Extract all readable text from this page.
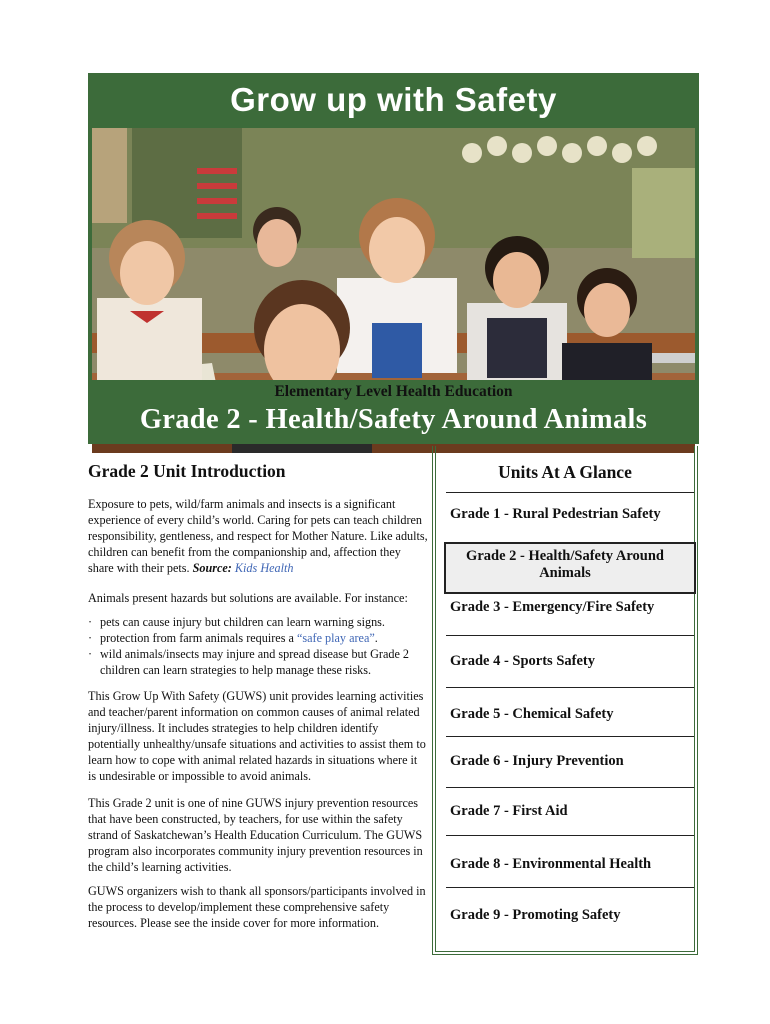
Grow up with Safety
Elementary Level Health Education
Grade 2 - Health/Safety Around Animals
Grade 2 Unit Introduction
Exposure to pets, wild/farm animals and insects is a significant experience of every child’s world. Caring for pets can teach children responsibility, gentleness, and respect for Mother Nature. Like adults, children can benefit from the companionship and, affection they share with their pets. Source: Kids Health
Animals present hazards but solutions are available. For instance:
· pets can cause injury but children can learn warning signs.
· protection from farm animals requires a “safe play area”.
· wild animals/insects may injure and spread disease but Grade 2 children can learn strategies to help manage these risks.
This Grow Up With Safety (GUWS) unit provides learning activities and teacher/parent information on common causes of animal related injury/illness. It includes strategies to help children identify potentially unhealthy/unsafe situations and activities to assist them to learn how to cope with animal related hazards in situations where it is undesirable or impossible to avoid animals.
This Grade 2 unit is one of nine GUWS injury prevention resources that have been constructed, by teachers, for use within the safety strand of Saskatchewan’s Health Education Curriculum. The GUWS program also incorporates community injury prevention resources in the child’s learning activities.
GUWS organizers wish to thank all sponsors/participants involved in the process to develop/implement these comprehensive safety resources. Please see the inside cover for more information.
Units At A Glance
Grade 1 - Rural Pedestrian Safety
Grade 2 - Health/Safety Around Animals
Grade 3 - Emergency/Fire Safety
Grade 4 - Sports Safety
Grade 5 - Chemical Safety
Grade 6 - Injury Prevention
Grade 7 - First Aid
Grade 8 - Environmental Health
Grade 9 - Promoting Safety
